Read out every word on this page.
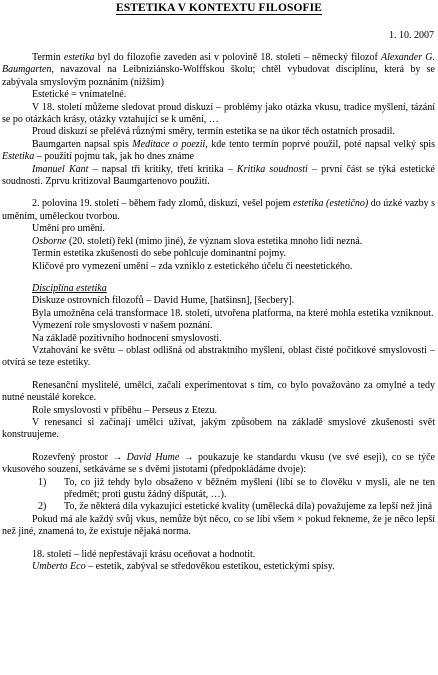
ESTETIKA V KONTEXTU FILOSOFIE
1. 10. 2007

Termín estetika byl do filozofie zaveden asi v polovině 18. století – německý filozof Alexander G. Baumgarten, navazoval na Leibniziánsko-Wolffskou školu; chtěl vybudovat disciplínu, která by se zabývala smyslovým poznáním (nižším)

Estetické = vnímatelné.

V 18. století můžeme sledovat proud diskuzí – problémy jako otázka vkusu, tradice myšlení, tázání se po otázkách krásy, otázky vztahující se k umění, …

Proud diskuzí se přelévá různými směry, termín estetika se na úkor těch ostatních prosadil.

Baumgarten napsal spis Meditace o poezii, kde tento termín poprvé použil, poté napsal velký spis Estetika – použití pojmu tak, jak ho dnes známe

Imanuel Kant – napsal tři kritiky, třetí kritika – Kritika soudnosti – první část se týká estetické soudnosti. Zprvu kritizoval Baumgartenovo použití.

2. polovina 19. století – během řady zlomů, diskuzí, vešel pojem estetika (estetično) do úzké vazby s uměním, uměleckou tvorbou.

Umění pro umění.

Osborne (20. století) řekl (mimo jiné), že význam slova estetika mnoho lidí nezná.

Termín estetika zkušenosti do sebe pohlcuje dominantní pojmy.

Klíčové pro vymezení umění – zda vzniklo z estetického účelu či neestetického.

Disciplína estetika

Diskuze ostrovních filozofů – David Hume, [hatšinsn], [šecbery].

Byla umožněna celá transformace 18. století, utvořena platforma, na které mohla estetika vzniknout.

Vymezení role smyslovosti v našem poznání.

Na základě pozitivního hodnocení smyslovosti.

Vztahování ke světu – oblast odlišná od abstraktního myšlení, oblast čisté počitkové smyslovosti – otvírá se teze estetiky.

Renesanční myslitelé, umělci, začali experimentovat s tím, co bylo považováno za omylné a tedy nutné neustálé korekce.

Role smyslovosti v příběhu – Perseus z Etezu.

V renesanci si začínají umělci užívat, jakým způsobem na základě smyslové zkušenosti svět konstruujeme.

Rozevřený prostor → David Hume → poukazuje ke standardu vkusu (ve své eseji), co se týče vkusového souzení, setkáváme se s dvěmi jistotami (předpokládáme dvoje):

1) To, co již tehdy bylo obsaženo v běžném myšlení (líbí se to člověku v mysli, ale ne ten předmět; proti gustu žádný dišputát, …).
2) To, že některá díla vykazující estetické kvality (umělecká díla) považujeme za lepší než jiná

Pokud má ale každý svůj vkus, nemůže být něco, co se líbí všem × pokud řekneme, že je něco lepší než jiné, znamená to, že existuje nějaká norma.

18. století – lidé nepřestávají krásu oceňovat a hodnotit.

Umberto Eco – estetik, zabýval se středověkou estetikou, estetickými spisy.
